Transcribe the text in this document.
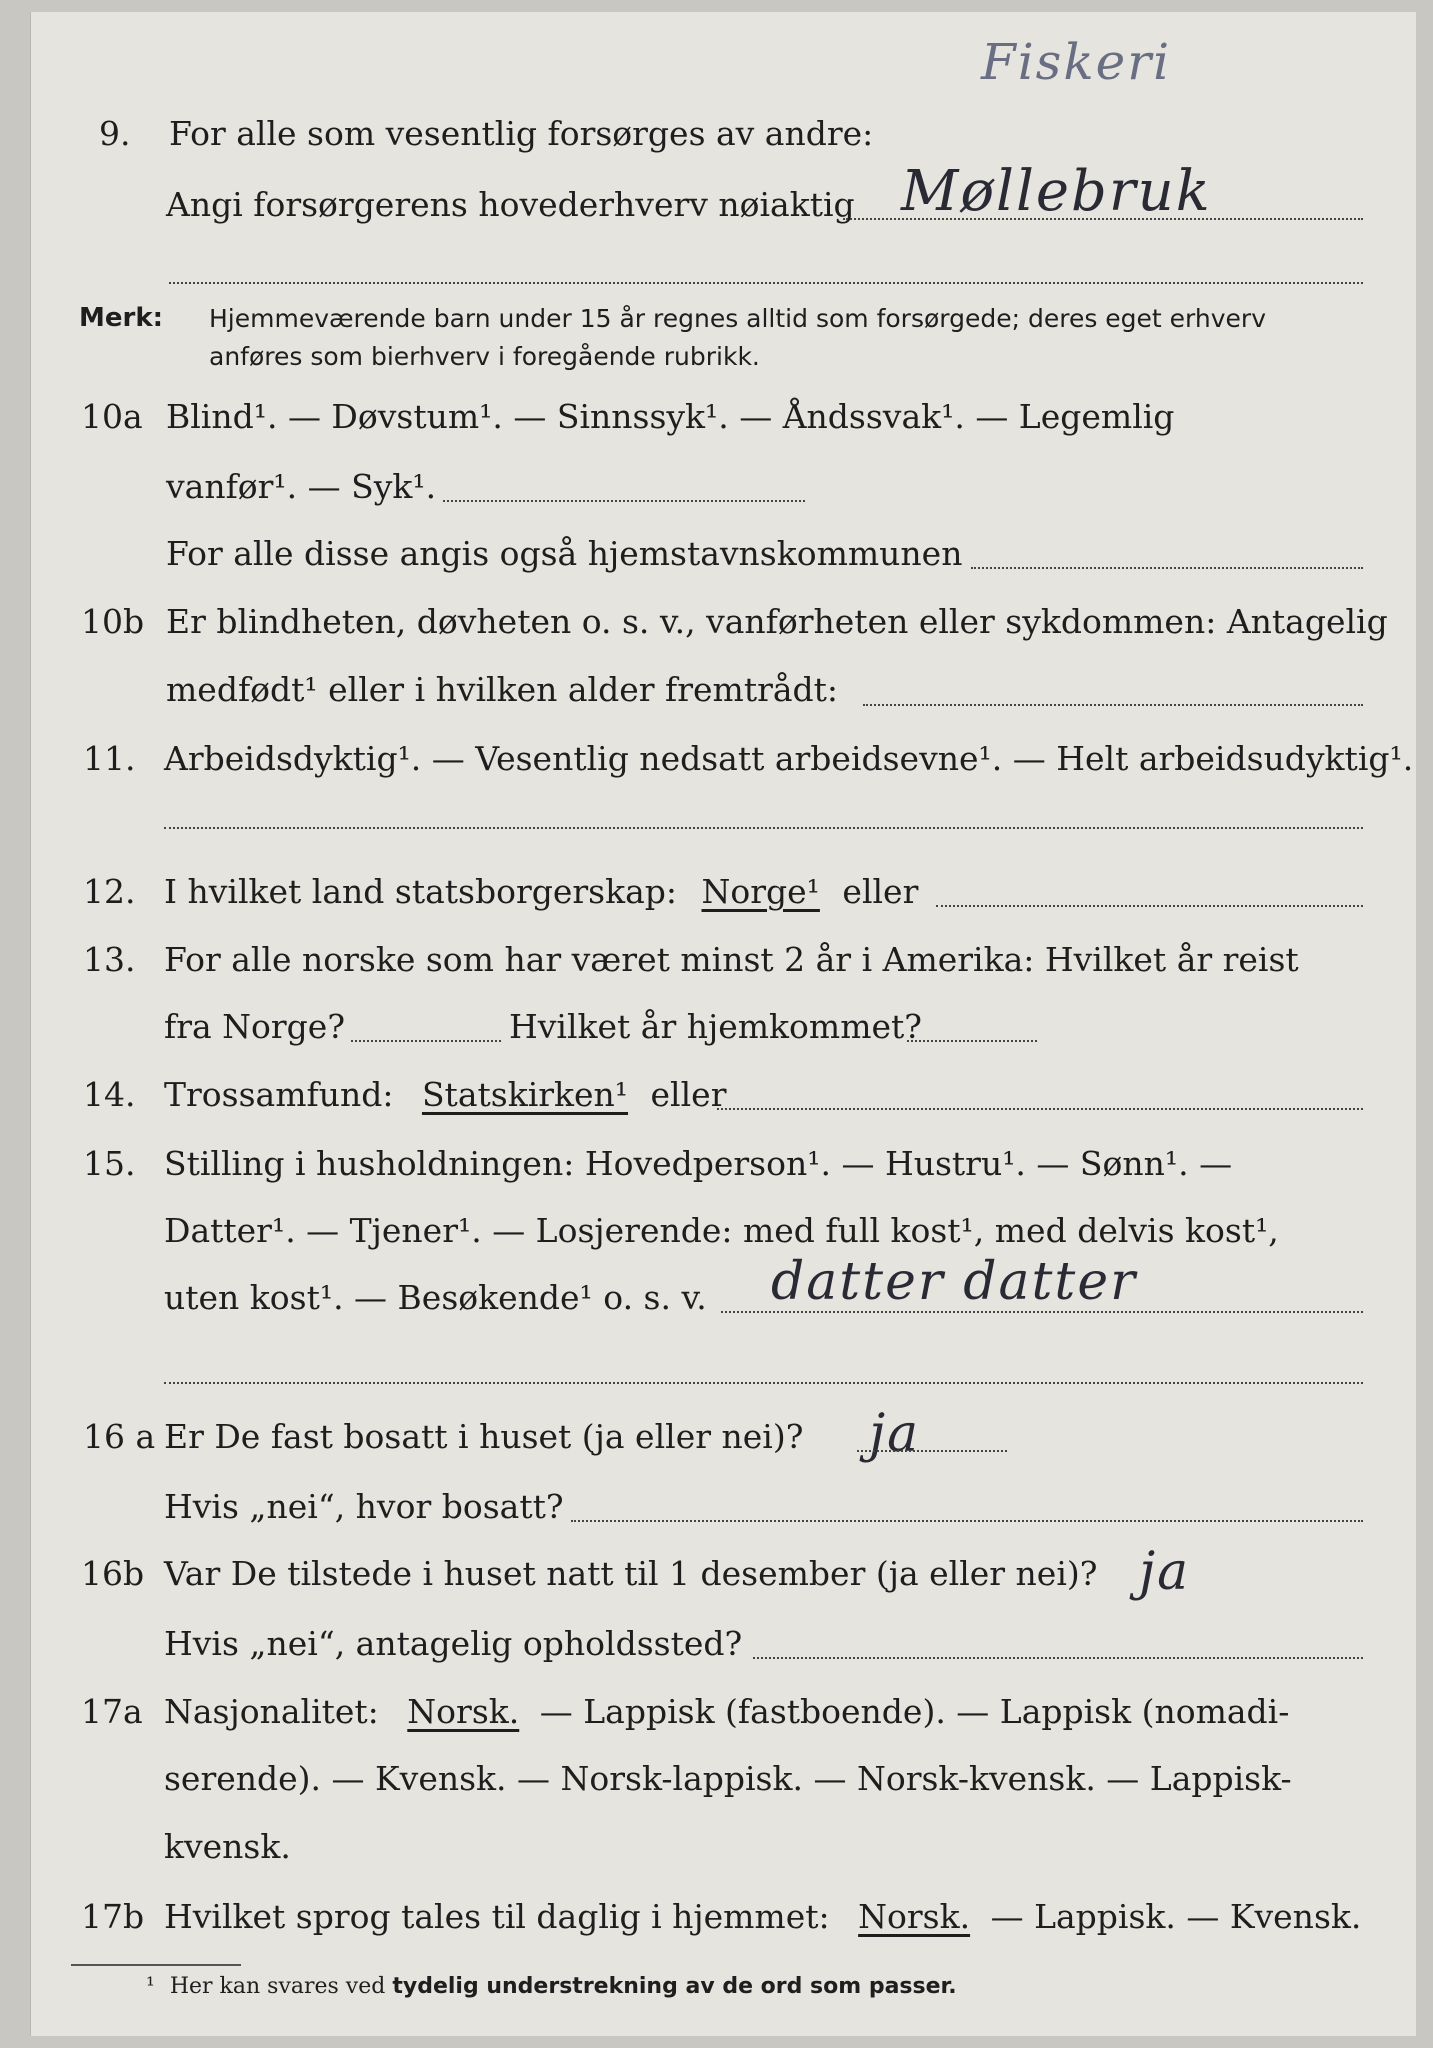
Fiskeri
9. For alle som vesentlig forsørges av andre:
Angi forsørgerens hovederhverv nøiaktig Møllebruk
Merk: Hjemmeværende barn under 15 år regnes alltid som forsørgede; deres eget erhverv
anføres som bierhverv i foregående rubrikk.
10a Blind¹. — Døvstum¹. — Sinnssyk¹. — Åndssvak¹. — Legemlig
vanfør¹. — Syk¹.
For alle disse angis også hjemstavnskommunen
10b Er blindheten, døvheten o. s. v., vanførheten eller sykdommen: Antagelig
medfødt¹ eller i hvilken alder fremtrådt:
11. Arbeidsdyktig¹. — Vesentlig nedsatt arbeidsevne¹. — Helt arbeidsudyktig¹.
12. I hvilket land statsborgerskap: Norge¹ eller
13. For alle norske som har været minst 2 år i Amerika: Hvilket år reist
fra Norge?	Hvilket år hjemkommet?
14. Trossamfund: Statskirken¹ eller
15. Stilling i husholdningen: Hovedperson¹. — Hustru¹. — Sønn¹. —
Datter¹. — Tjener¹. — Losjerende: med full kost¹, med delvis kost¹,
uten kost¹. — Besøkende¹ o. s. v. datter datter
16 a Er De fast bosatt i huset (ja eller nei)? ja
Hvis „nei“, hvor bosatt?
16b Var De tilstede i huset natt til 1 desember (ja eller nei)? ja
Hvis „nei“, antagelig opholdssted?
17a Nasjonalitet: Norsk. — Lappisk (fastboende). — Lappisk (nomadi-
serende). — Kvensk. — Norsk-lappisk. — Norsk-kvensk. — Lappisk-
kvensk.
17b Hvilket sprog tales til daglig i hjemmet: Norsk. — Lappisk. — Kvensk.
¹ Her kan svares ved tydelig understrekning av de ord som passer.
